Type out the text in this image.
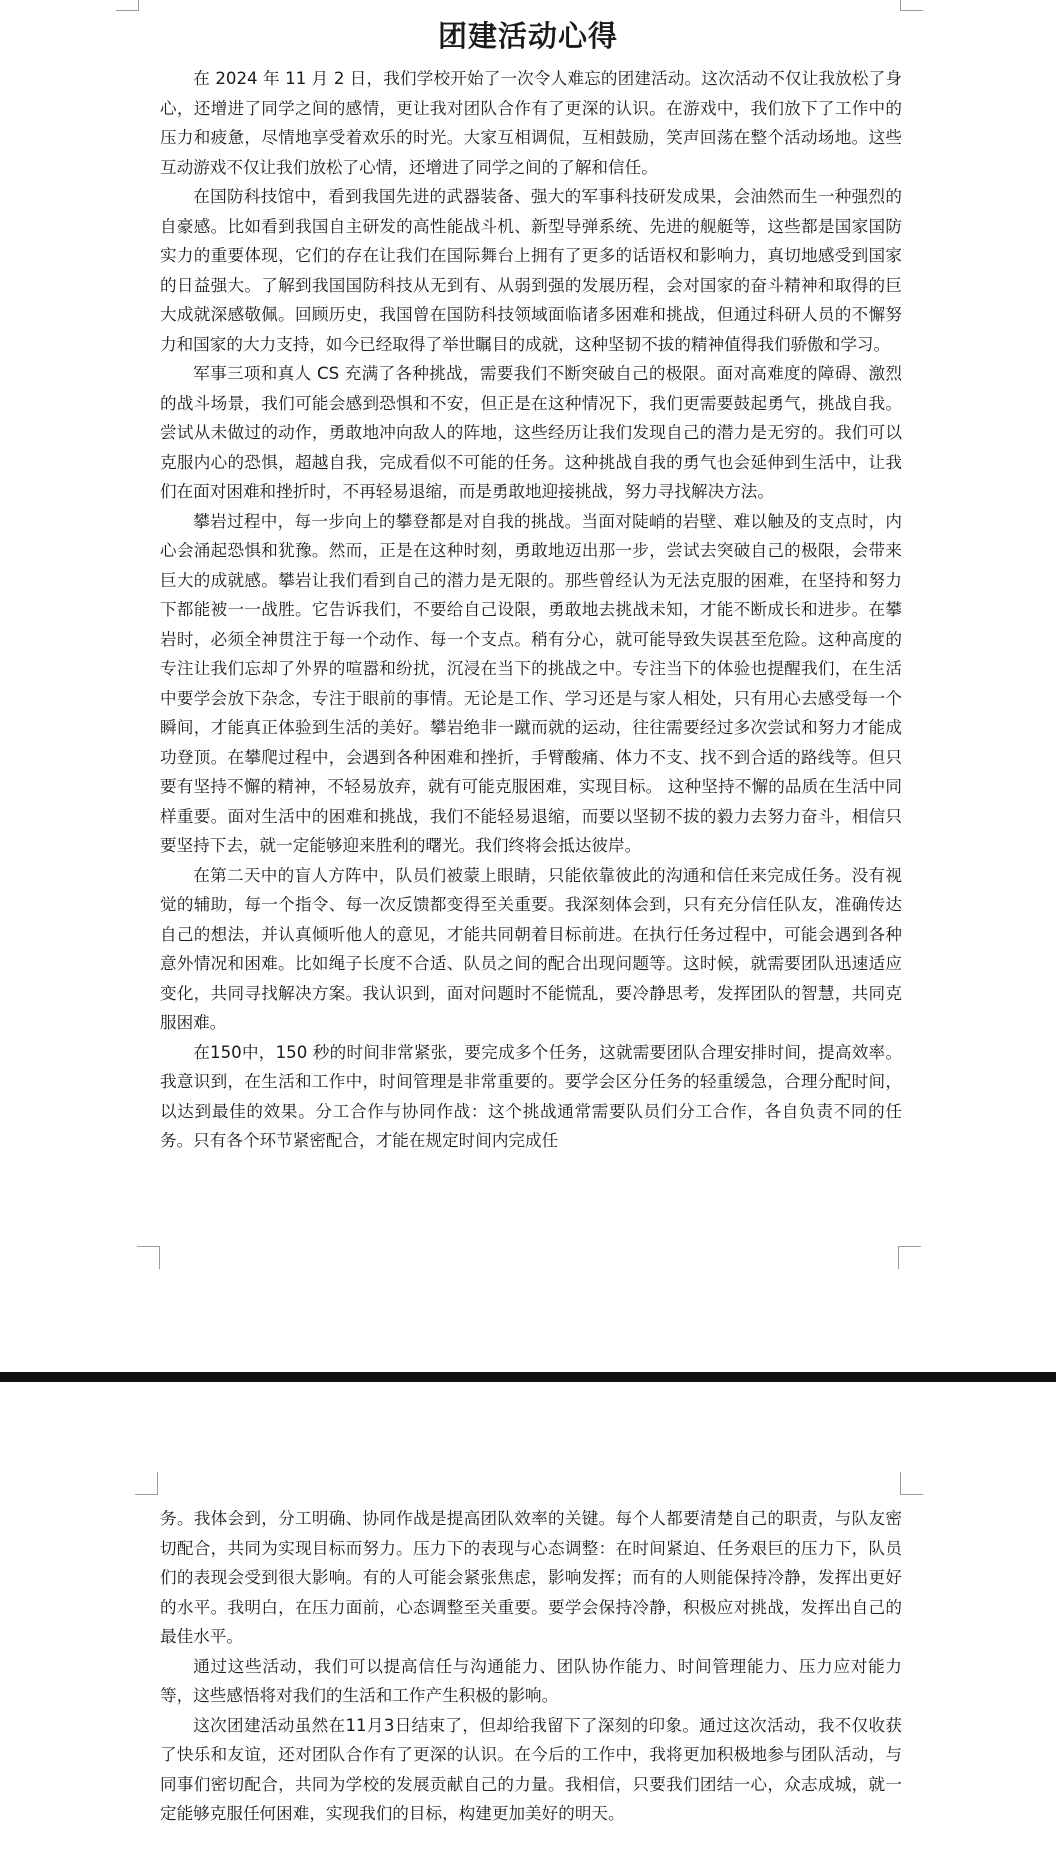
团建活动心得

在 2024 年 11 月 2 日，我们学校开始了一次令人难忘的团建活动。这次活动不仅让我放松了身心，还增进了同学之间的感情，更让我对团队合作有了更深的认识。在游戏中，我们放下了工作中的压力和疲惫，尽情地享受着欢乐的时光。大家互相调侃，互相鼓励，笑声回荡在整个活动场地。这些互动游戏不仅让我们放松了心情，还增进了同学之间的了解和信任。

在国防科技馆中，看到我国先进的武器装备、强大的军事科技研发成果，会油然而生一种强烈的自豪感。比如看到我国自主研发的高性能战斗机、新型导弹系统、先进的舰艇等，这些都是国家国防实力的重要体现，它们的存在让我们在国际舞台上拥有了更多的话语权和影响力，真切地感受到国家的日益强大。了解到我国国防科技从无到有、从弱到强的发展历程，会对国家的奋斗精神和取得的巨大成就深感敬佩。回顾历史，我国曾在国防科技领域面临诸多困难和挑战，但通过科研人员的不懈努力和国家的大力支持，如今已经取得了举世瞩目的成就，这种坚韧不拔的精神值得我们骄傲和学习。

军事三项和真人 CS 充满了各种挑战，需要我们不断突破自己的极限。面对高难度的障碍、激烈的战斗场景，我们可能会感到恐惧和不安，但正是在这种情况下，我们更需要鼓起勇气，挑战自我。尝试从未做过的动作，勇敢地冲向敌人的阵地，这些经历让我们发现自己的潜力是无穷的。我们可以克服内心的恐惧，超越自我，完成看似不可能的任务。这种挑战自我的勇气也会延伸到生活中，让我们在面对困难和挫折时，不再轻易退缩，而是勇敢地迎接挑战，努力寻找解决方法。

攀岩过程中，每一步向上的攀登都是对自我的挑战。当面对陡峭的岩壁、难以触及的支点时，内心会涌起恐惧和犹豫。然而，正是在这种时刻，勇敢地迈出那一步，尝试去突破自己的极限，会带来巨大的成就感。攀岩让我们看到自己的潜力是无限的。那些曾经认为无法克服的困难，在坚持和努力下都能被一一战胜。它告诉我们，不要给自己设限，勇敢地去挑战未知，才能不断成长和进步。在攀岩时，必须全神贯注于每一个动作、每一个支点。稍有分心，就可能导致失误甚至危险。这种高度的专注让我们忘却了外界的喧嚣和纷扰，沉浸在当下的挑战之中。专注当下的体验也提醒我们，在生活中要学会放下杂念，专注于眼前的事情。无论是工作、学习还是与家人相处，只有用心去感受每一个瞬间，才能真正体验到生活的美好。攀岩绝非一蹴而就的运动，往往需要经过多次尝试和努力才能成功登顶。在攀爬过程中，会遇到各种困难和挫折，手臂酸痛、体力不支、找不到合适的路线等。但只要有坚持不懈的精神，不轻易放弃，就有可能克服困难，实现目标。 这种坚持不懈的品质在生活中同样重要。面对生活中的困难和挑战，我们不能轻易退缩，而要以坚韧不拔的毅力去努力奋斗，相信只要坚持下去，就一定能够迎来胜利的曙光。我们终将会抵达彼岸。

在第二天中的盲人方阵中，队员们被蒙上眼睛，只能依靠彼此的沟通和信任来完成任务。没有视觉的辅助，每一个指令、每一次反馈都变得至关重要。我深刻体会到，只有充分信任队友，准确传达自己的想法，并认真倾听他人的意见，才能共同朝着目标前进。在执行任务过程中，可能会遇到各种意外情况和困难。比如绳子长度不合适、队员之间的配合出现问题等。这时候，就需要团队迅速适应变化，共同寻找解决方案。我认识到，面对问题时不能慌乱，要冷静思考，发挥团队的智慧，共同克服困难。

在150中，150 秒的时间非常紧张，要完成多个任务，这就需要团队合理安排时间，提高效率。我意识到，在生活和工作中，时间管理是非常重要的。要学会区分任务的轻重缓急，合理分配时间，以达到最佳的效果。分工合作与协同作战：这个挑战通常需要队员们分工合作，各自负责不同的任务。只有各个环节紧密配合，才能在规定时间内完成任

务。我体会到，分工明确、协同作战是提高团队效率的关键。每个人都要清楚自己的职责，与队友密切配合，共同为实现目标而努力。压力下的表现与心态调整：在时间紧迫、任务艰巨的压力下，队员们的表现会受到很大影响。有的人可能会紧张焦虑，影响发挥；而有的人则能保持冷静，发挥出更好的水平。我明白，在压力面前，心态调整至关重要。要学会保持冷静，积极应对挑战，发挥出自己的最佳水平。

通过这些活动，我们可以提高信任与沟通能力、团队协作能力、时间管理能力、压力应对能力等，这些感悟将对我们的生活和工作产生积极的影响。

这次团建活动虽然在11月3日结束了，但却给我留下了深刻的印象。通过这次活动，我不仅收获了快乐和友谊，还对团队合作有了更深的认识。在今后的工作中，我将更加积极地参与团队活动，与同事们密切配合，共同为学校的发展贡献自己的力量。我相信，只要我们团结一心，众志成城，就一定能够克服任何困难，实现我们的目标，构建更加美好的明天。
